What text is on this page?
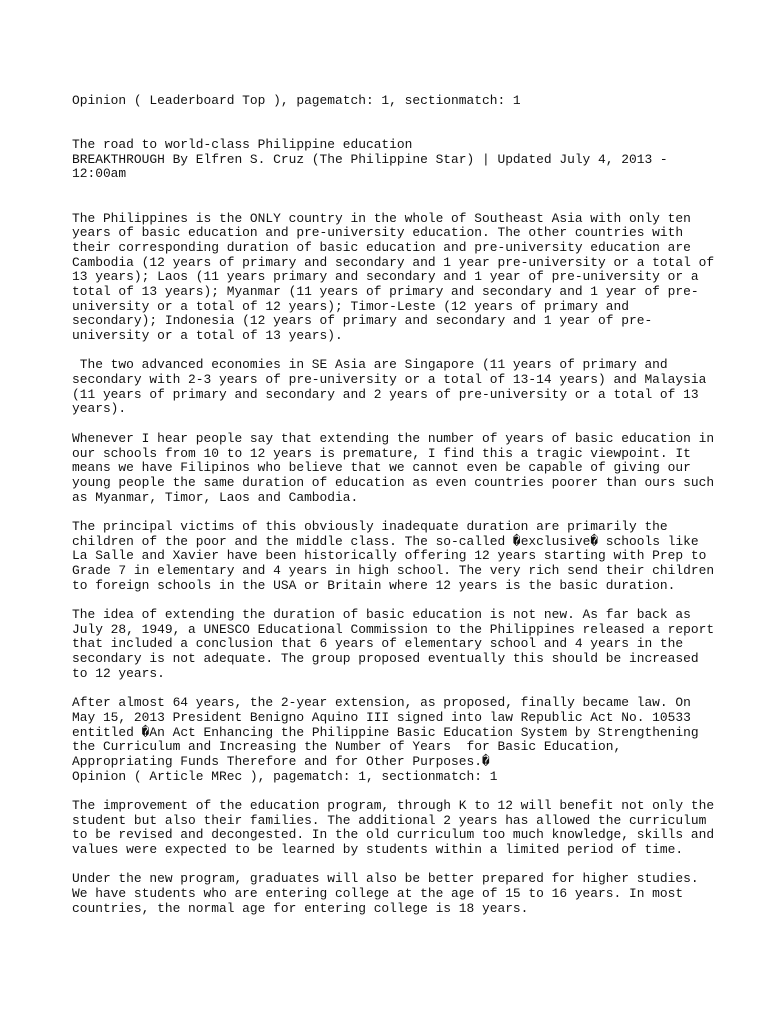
Opinion ( Leaderboard Top ), pagematch: 1, sectionmatch: 1
The road to world-class Philippine education
BREAKTHROUGH By Elfren S. Cruz (The Philippine Star) | Updated July 4, 2013 -
12:00am
The Philippines is the ONLY country in the whole of Southeast Asia with only ten
years of basic education and pre-university education. The other countries with
their corresponding duration of basic education and pre-university education are
Cambodia (12 years of primary and secondary and 1 year pre-university or a total of
13 years); Laos (11 years primary and secondary and 1 year of pre-university or a
total of 13 years); Myanmar (11 years of primary and secondary and 1 year of pre-
university or a total of 12 years); Timor-Leste (12 years of primary and
secondary); Indonesia (12 years of primary and secondary and 1 year of pre-
university or a total of 13 years).
The two advanced economies in SE Asia are Singapore (11 years of primary and
secondary with 2-3 years of pre-university or a total of 13-14 years) and Malaysia
(11 years of primary and secondary and 2 years of pre-university or a total of 13
years).
Whenever I hear people say that extending the number of years of basic education in
our schools from 10 to 12 years is premature, I find this a tragic viewpoint. It
means we have Filipinos who believe that we cannot even be capable of giving our
young people the same duration of education as even countries poorer than ours such
as Myanmar, Timor, Laos and Cambodia.
The principal victims of this obviously inadequate duration are primarily the
children of the poor and the middle class. The so-called �exclusive� schools like
La Salle and Xavier have been historically offering 12 years starting with Prep to
Grade 7 in elementary and 4 years in high school. The very rich send their children
to foreign schools in the USA or Britain where 12 years is the basic duration.
The idea of extending the duration of basic education is not new. As far back as
July 28, 1949, a UNESCO Educational Commission to the Philippines released a report
that included a conclusion that 6 years of elementary school and 4 years in the
secondary is not adequate. The group proposed eventually this should be increased
to 12 years.
After almost 64 years, the 2-year extension, as proposed, finally became law. On
May 15, 2013 President Benigno Aquino III signed into law Republic Act No. 10533
entitled �An Act Enhancing the Philippine Basic Education System by Strengthening
the Curriculum and Increasing the Number of Years  for Basic Education,
Appropriating Funds Therefore and for Other Purposes.�
Opinion ( Article MRec ), pagematch: 1, sectionmatch: 1
The improvement of the education program, through K to 12 will benefit not only the
student but also their families. The additional 2 years has allowed the curriculum
to be revised and decongested. In the old curriculum too much knowledge, skills and
values were expected to be learned by students within a limited period of time.
Under the new program, graduates will also be better prepared for higher studies.
We have students who are entering college at the age of 15 to 16 years. In most
countries, the normal age for entering college is 18 years.
